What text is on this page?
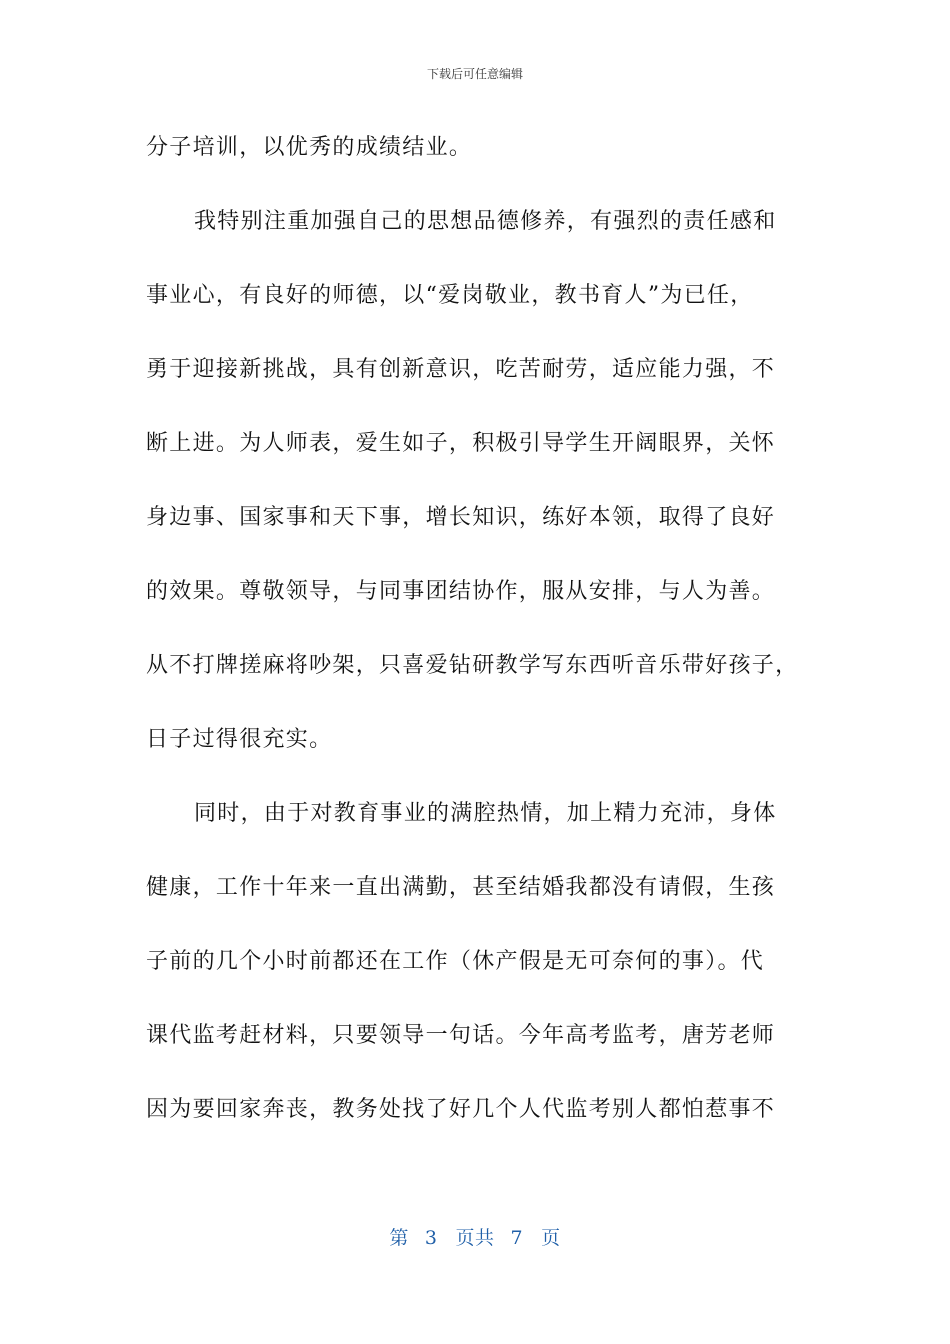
下载后可任意编辑
分子培训，以优秀的成绩结业。
我特别注重加强自己的思想品德修养，有强烈的责任感和
事业心，有良好的师德，以“爱岗敬业，教书育人”为已任，
勇于迎接新挑战，具有创新意识，吃苦耐劳，适应能力强，不
断上进。为人师表，爱生如子，积极引导学生开阔眼界，关怀
身边事、国家事和天下事，增长知识，练好本领，取得了良好
的效果。尊敬领导，与同事团结协作，服从安排，与人为善。
从不打牌搓麻将吵架，只喜爱钻研教学写东西听音乐带好孩子，
日子过得很充实。
同时，由于对教育事业的满腔热情，加上精力充沛，身体
健康，工作十年来一直出满勤，甚至结婚我都没有请假，生孩
子前的几个小时前都还在工作（休产假是无可奈何的事）。代
课代监考赶材料，只要领导一句话。今年高考监考，唐芳老师
因为要回家奔丧，教务处找了好几个人代监考别人都怕惹事不
第 3 页共 7 页
